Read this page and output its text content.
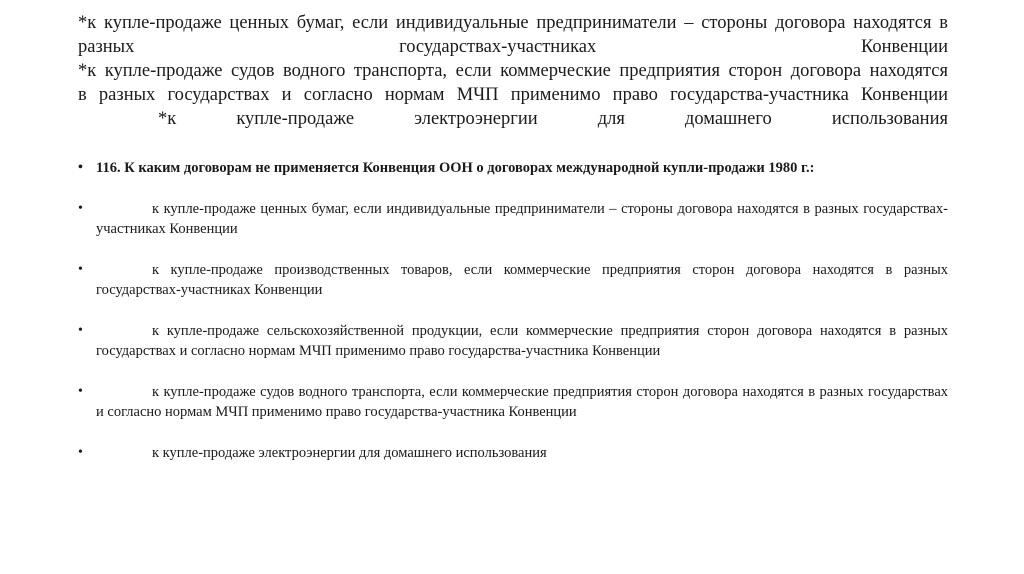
*к купле-продаже ценных бумаг, если индивидуальные предприниматели – стороны договора находятся в
разных государствах-участниках Конвенции
*к купле-продаже судов водного транспорта, если коммерческие предприятия сторон договора находятся
в разных государствах и согласно нормам МЧП применимо право государства-участника Конвенции
*к купле-продаже электроэнергии для домашнего использования
• 116. К каким договорам не применяется Конвенция ООН о договорах международной купли-продажи 1980 г.:
•	к купле-продаже ценных бумаг, если индивидуальные предприниматели – стороны договора находятся в разных государствах-участниках Конвенции
•	к купле-продаже производственных товаров, если коммерческие предприятия сторон договора находятся в разных государствах-участниках Конвенции
•	к купле-продаже сельскохозяйственной продукции, если коммерческие предприятия сторон договора находятся в разных государствах и согласно нормам МЧП применимо право государства-участника Конвенции
•	к купле-продаже судов водного транспорта, если коммерческие предприятия сторон договора находятся в разных государствах и согласно нормам МЧП применимо право государства-участника Конвенции
•	к купле-продаже электроэнергии для домашнего использования
